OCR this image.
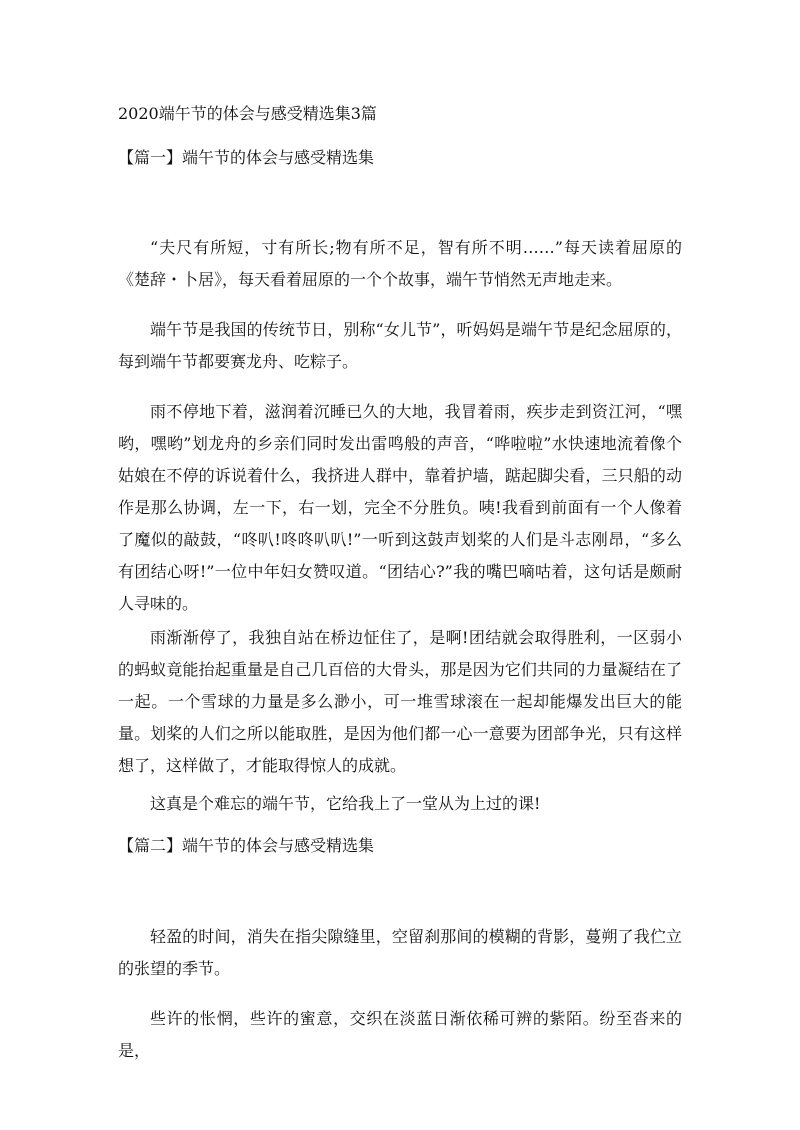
2020端午节的体会与感受精选集3篇
【篇一】端午节的体会与感受精选集

“夫尺有所短，寸有所长;物有所不足，智有所不明……”每天读着屈原的《楚辞・卜居》，每天看着屈原的一个个故事，端午节悄然无声地走来。

端午节是我国的传统节日，别称“女儿节”，听妈妈是端午节是纪念屈原的，每到端午节都要赛龙舟、吃粽子。

雨不停地下着，滋润着沉睡已久的大地，我冒着雨，疾步走到资江河，“嘿哟，嘿哟”划龙舟的乡亲们同时发出雷鸣般的声音，“哗啦啦”水快速地流着像个姑娘在不停的诉说着什么，我挤进人群中，靠着护墙，踮起脚尖看，三只船的动作是那么协调，左一下，右一划，完全不分胜负。咦!我看到前面有一个人像着了魔似的敲鼓，“咚叭!咚咚叭叭!”一听到这鼓声划桨的人们是斗志刚昂，“多么有团结心呀!”一位中年妇女赞叹道。“团结心?”我的嘴巴嘀咕着，这句话是颇耐人寻味的。

雨渐渐停了，我独自站在桥边怔住了，是啊!团结就会取得胜利，一区弱小的蚂蚁竟能抬起重量是自己几百倍的大骨头，那是因为它们共同的力量凝结在了一起。一个雪球的力量是多么渺小，可一堆雪球滚在一起却能爆发出巨大的能量。划桨的人们之所以能取胜，是因为他们都一心一意要为团部争光，只有这样想了，这样做了，才能取得惊人的成就。

这真是个难忘的端午节，它给我上了一堂从为上过的课!

【篇二】端午节的体会与感受精选集

轻盈的时间，消失在指尖隙缝里，空留刹那间的模糊的背影，蔓朔了我伫立的张望的季节。

些许的怅惘，些许的蜜意，交织在淡蓝日渐依稀可辨的紫陌。纷至沓来的是，
